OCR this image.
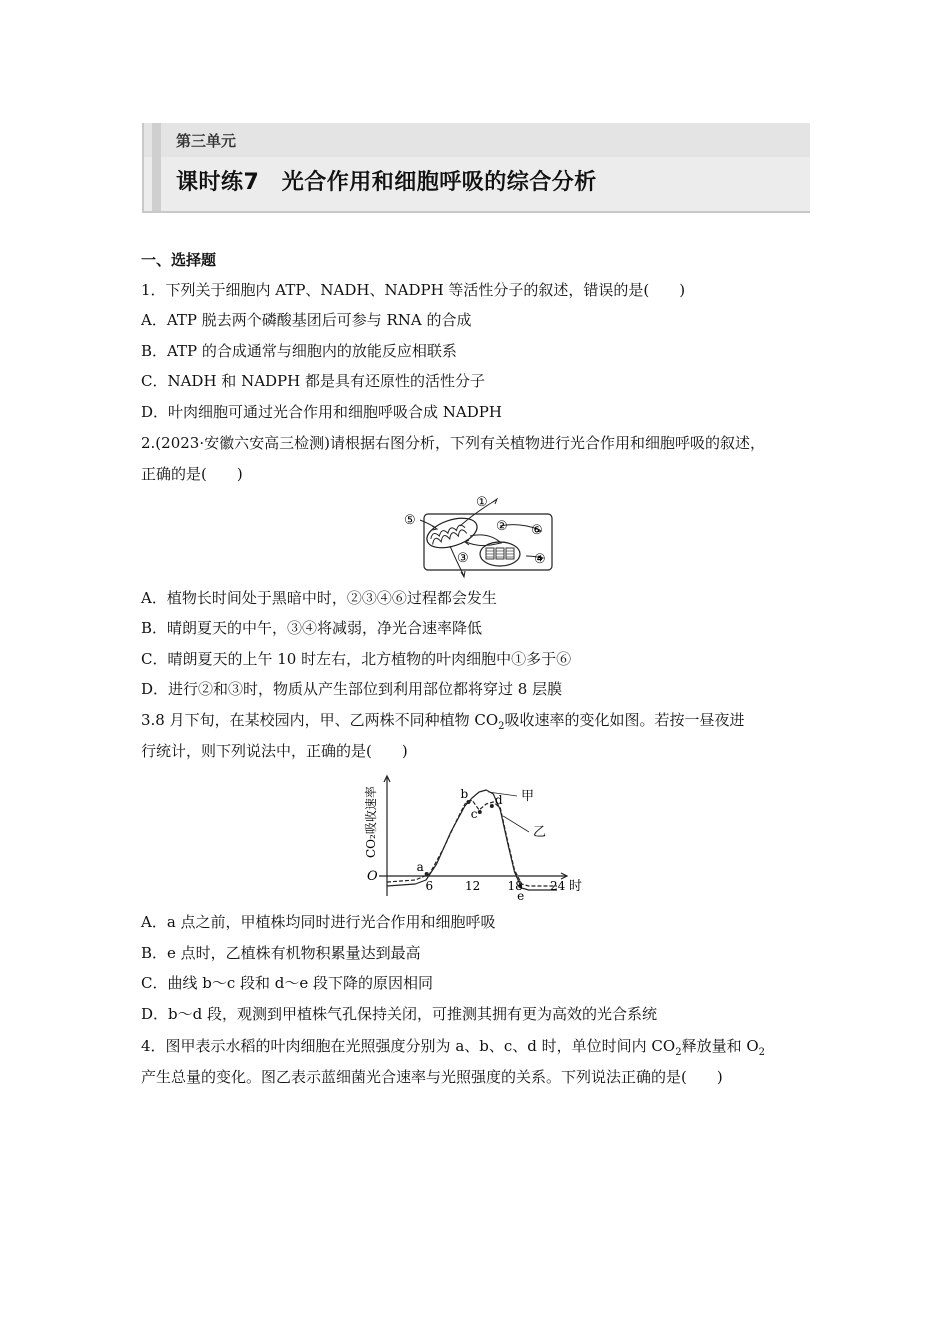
第三单元
课时练7　光合作用和细胞呼吸的综合分析
一、选择题
1．下列关于细胞内 ATP、NADH、NADPH 等活性分子的叙述，错误的是(　　)
A．ATP 脱去两个磷酸基团后可参与 RNA 的合成
B．ATP 的合成通常与细胞内的放能反应相联系
C．NADH 和 NADPH 都是具有还原性的活性分子
D．叶肉细胞可通过光合作用和细胞呼吸合成 NADPH
2.(2023·安徽六安高三检测)请根据右图分析，下列有关植物进行光合作用和细胞呼吸的叙述，
正确的是(　　)
①
②
③	④
⑤
⑥
A．植物长时间处于黑暗中时，②③④⑥过程都会发生
B．晴朗夏天的中午，③④将减弱，净光合速率降低
C．晴朗夏天的上午 10 时左右，北方植物的叶肉细胞中①多于⑥
D．进行②和③时，物质从产生部位到利用部位都将穿过 8 层膜
3.8 月下旬，在某校园内，甲、乙两株不同种植物 $CO_2$吸收速率的变化如图。若按一昼夜进
行统计，则下列说法中，正确的是(　　)
甲
乙
a
b
c
d
e
6	12 18 24
O
时
CO₂吸收速率
A．a 点之前，甲植株均同时进行光合作用和细胞呼吸
B．e 点时，乙植株有机物积累量达到最高
C．曲线 b～c 段和 d～e 段下降的原因相同
D．b～d 段，观测到甲植株气孔保持关闭，可推测其拥有更为高效的光合系统
4．图甲表示水稻的叶肉细胞在光照强度分别为 a、b、c、d 时，单位时间内 $CO_2$释放量和 $O_2$
产生总量的变化。图乙表示蓝细菌光合速率与光照强度的关系。下列说法正确的是(　　)
